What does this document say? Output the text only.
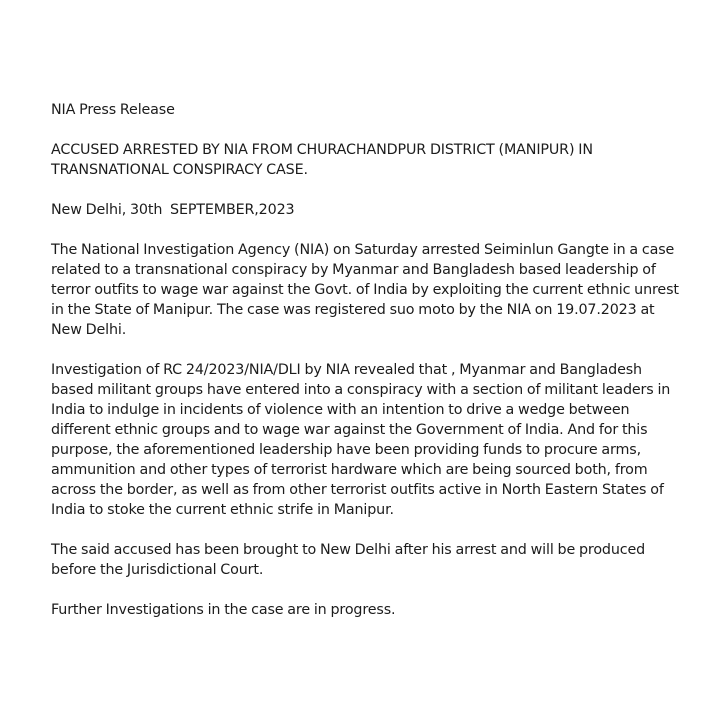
NIA Press Release

ACCUSED ARRESTED BY NIA FROM CHURACHANDPUR DISTRICT (MANIPUR) IN
TRANSNATIONAL CONSPIRACY CASE.

New Delhi, 30th  SEPTEMBER,2023

The National Investigation Agency (NIA) on Saturday arrested Seiminlun Gangte in a case
related to a transnational conspiracy by Myanmar and Bangladesh based leadership of
terror outfits to wage war against the Govt. of India by exploiting the current ethnic unrest
in the State of Manipur. The case was registered suo moto by the NIA on 19.07.2023 at
New Delhi.

Investigation of RC 24/2023/NIA/DLI by NIA revealed that , Myanmar and Bangladesh
based militant groups have entered into a conspiracy with a section of militant leaders in
India to indulge in incidents of violence with an intention to drive a wedge between
different ethnic groups and to wage war against the Government of India. And for this
purpose, the aforementioned leadership have been providing funds to procure arms,
ammunition and other types of terrorist hardware which are being sourced both, from
across the border, as well as from other terrorist outfits active in North Eastern States of
India to stoke the current ethnic strife in Manipur.

The said accused has been brought to New Delhi after his arrest and will be produced
before the Jurisdictional Court.

Further Investigations in the case are in progress.
